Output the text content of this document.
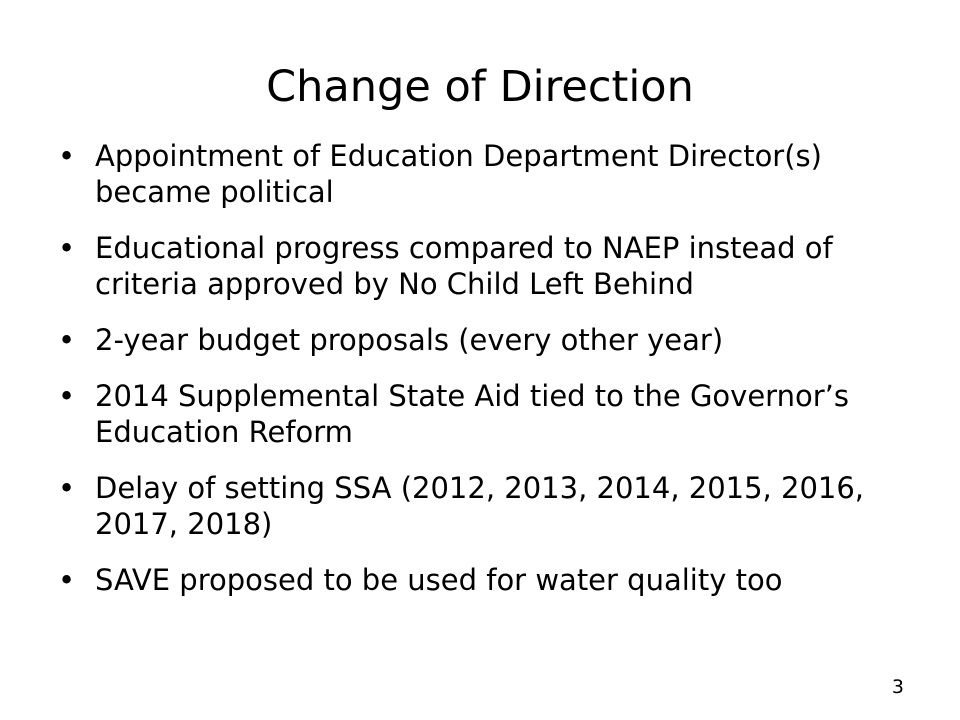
Change of Direction
• Appointment of Education Department Director(s) became political
• Educational progress compared to NAEP instead of criteria approved by No Child Left Behind
• 2-year budget proposals (every other year)
• 2014 Supplemental State Aid tied to the Governor’s Education Reform
• Delay of setting SSA (2012, 2013, 2014, 2015, 2016, 2017, 2018)
• SAVE proposed to be used for water quality too
3
